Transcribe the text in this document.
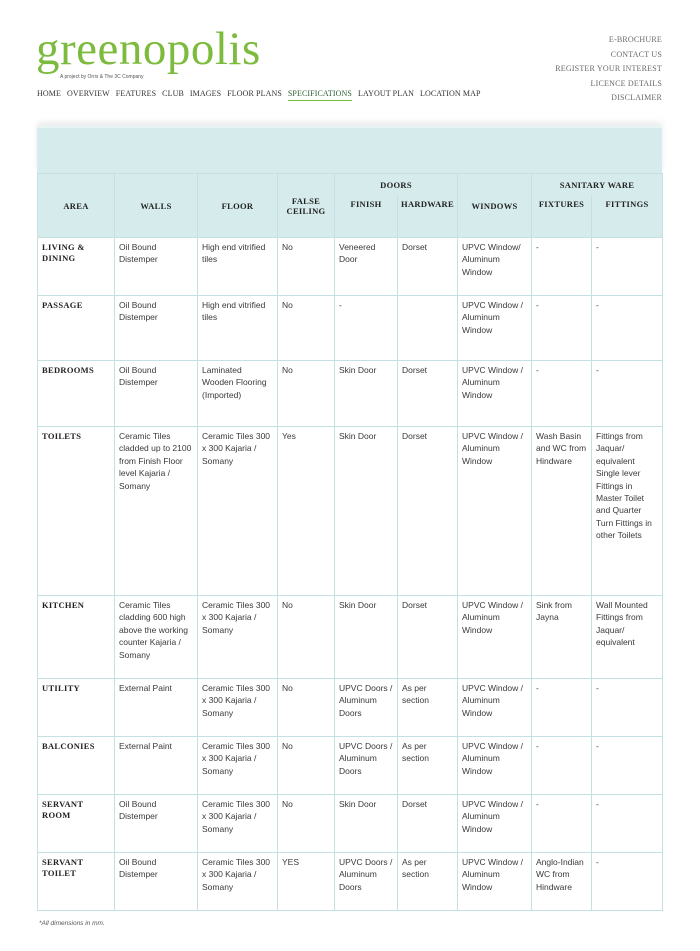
greenopolis
A project by Orris & The 3C Company
E-BROCHURE
CONTACT US
REGISTER YOUR INTEREST
LICENCE DETAILS
DISCLAIMER
HOME OVERVIEW FEATURES CLUB IMAGES FLOOR PLANS SPECIFICATIONS LAYOUT PLAN LOCATION MAP
AREA	WALLS	FLOOR	FALSE CEILING	DOORS		WINDOWS	SANITARY WARE	
				FINISH	HARDWARE		FIXTURES	FITTINGS
LIVING & DINING	Oil Bound Distemper	High end vitrified tiles	No	Veneered Door	Dorset	UPVC Window/ Aluminum Window	-	-
PASSAGE	Oil Bound Distemper	High end vitrified tiles	No	-		UPVC Window / Aluminum Window	-	-
BEDROOMS	Oil Bound Distemper	Laminated Wooden Flooring (Imported)	No	Skin Door	Dorset	UPVC Window / Aluminum Window	-	-
TOILETS	Ceramic Tiles cladded up to 2100 from Finish Floor level Kajaria / Somany	Ceramic Tiles 300 x 300 Kajaria / Somany	Yes	Skin Door	Dorset	UPVC Window / Aluminum Window	Wash Basin and WC from Hindware	Fittings from Jaquar/ equivalent Single lever Fittings in Master Toilet and Quarter Turn Fittings in other Toilets
KITCHEN	Ceramic Tiles cladding 600 high above the working counter Kajaria / Somany	Ceramic Tiles 300 x 300 Kajaria / Somany	No	Skin Door	Dorset	UPVC Window / Aluminum Window	Sink from Jayna	Wall Mounted Fittings from Jaquar/ equivalent
UTILITY	External Paint	Ceramic Tiles 300 x 300 Kajaria / Somany	No	UPVC Doors / Aluminum Doors	As per section	UPVC Window / Aluminum Window	-	-
BALCONIES	External Paint	Ceramic Tiles 300 x 300 Kajaria / Somany	No	UPVC Doors / Aluminum Doors	As per section	UPVC Window / Aluminum Window	-	-
SERVANT ROOM	Oil Bound Distemper	Ceramic Tiles 300 x 300 Kajaria / Somany	No	Skin Door	Dorset	UPVC Window / Aluminum Window	-	-
SERVANT TOILET	Oil Bound Distemper	Ceramic Tiles 300 x 300 Kajaria / Somany	YES	UPVC Doors / Aluminum Doors	As per section	UPVC Window / Aluminum Window	Anglo-Indian WC from Hindware	-
*All dimensions in mm.
